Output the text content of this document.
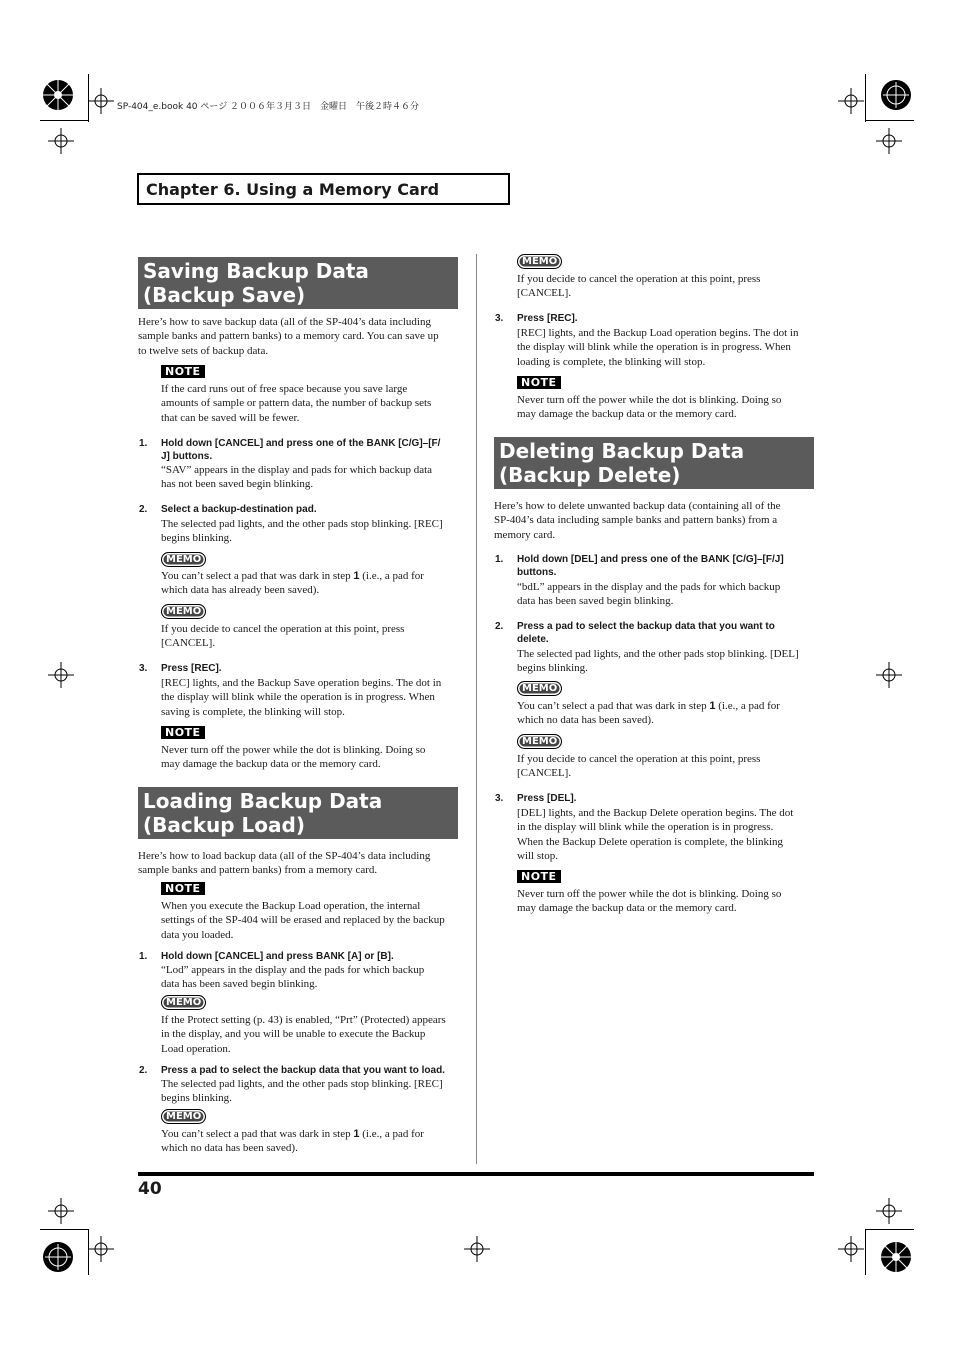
SP-404_e.book 40 ページ ２００６年３月３日　金曜日　午後２時４６分
Chapter 6. Using a Memory Card
Saving Backup Data
(Backup Save)
Here’s how to save backup data (all of the SP-404’s data including
sample banks and pattern banks) to a memory card. You can save up
to twelve sets of backup data.
NOTE
If the card runs out of free space because you save large
amounts of sample or pattern data, the number of backup sets
that can be saved will be fewer.
1. Hold down [CANCEL] and press one of the BANK [C/G]–[F/
J] buttons.
“SAV” appears in the display and pads for which backup data
has not been saved begin blinking.
2. Select a backup-destination pad.
The selected pad lights, and the other pads stop blinking. [REC]
begins blinking.
MEMO
You can’t select a pad that was dark in step 1 (i.e., a pad for
which data has already been saved).
MEMO
If you decide to cancel the operation at this point, press
[CANCEL].
3. Press [REC].
[REC] lights, and the Backup Save operation begins. The dot in
the display will blink while the operation is in progress. When
saving is complete, the blinking will stop.
NOTE
Never turn off the power while the dot is blinking. Doing so
may damage the backup data or the memory card.
Loading Backup Data
(Backup Load)
Here’s how to load backup data (all of the SP-404’s data including
sample banks and pattern banks) from a memory card.
NOTE
When you execute the Backup Load operation, the internal
settings of the SP-404 will be erased and replaced by the backup
data you loaded.
1. Hold down [CANCEL] and press BANK [A] or [B].
“Lod” appears in the display and the pads for which backup
data has been saved begin blinking.
MEMO
If the Protect setting (p. 43) is enabled, “Prt” (Protected) appears
in the display, and you will be unable to execute the Backup
Load operation.
2. Press a pad to select the backup data that you want to load.
The selected pad lights, and the other pads stop blinking. [REC]
begins blinking.
MEMO
You can’t select a pad that was dark in step 1 (i.e., a pad for
which no data has been saved).
MEMO
If you decide to cancel the operation at this point, press
[CANCEL].
3. Press [REC].
[REC] lights, and the Backup Load operation begins. The dot in
the display will blink while the operation is in progress. When
loading is complete, the blinking will stop.
NOTE
Never turn off the power while the dot is blinking. Doing so
may damage the backup data or the memory card.
Deleting Backup Data
(Backup Delete)
Here’s how to delete unwanted backup data (containing all of the
SP-404’s data including sample banks and pattern banks) from a
memory card.
1. Hold down [DEL] and press one of the BANK [C/G]–[F/J]
buttons.
“bdL” appears in the display and the pads for which backup
data has been saved begin blinking.
2. Press a pad to select the backup data that you want to
delete.
The selected pad lights, and the other pads stop blinking. [DEL]
begins blinking.
MEMO
You can’t select a pad that was dark in step 1 (i.e., a pad for
which no data has been saved).
MEMO
If you decide to cancel the operation at this point, press
[CANCEL].
3. Press [DEL].
[DEL] lights, and the Backup Delete operation begins. The dot
in the display will blink while the operation is in progress.
When the Backup Delete operation is complete, the blinking
will stop.
NOTE
Never turn off the power while the dot is blinking. Doing so
may damage the backup data or the memory card.
40
